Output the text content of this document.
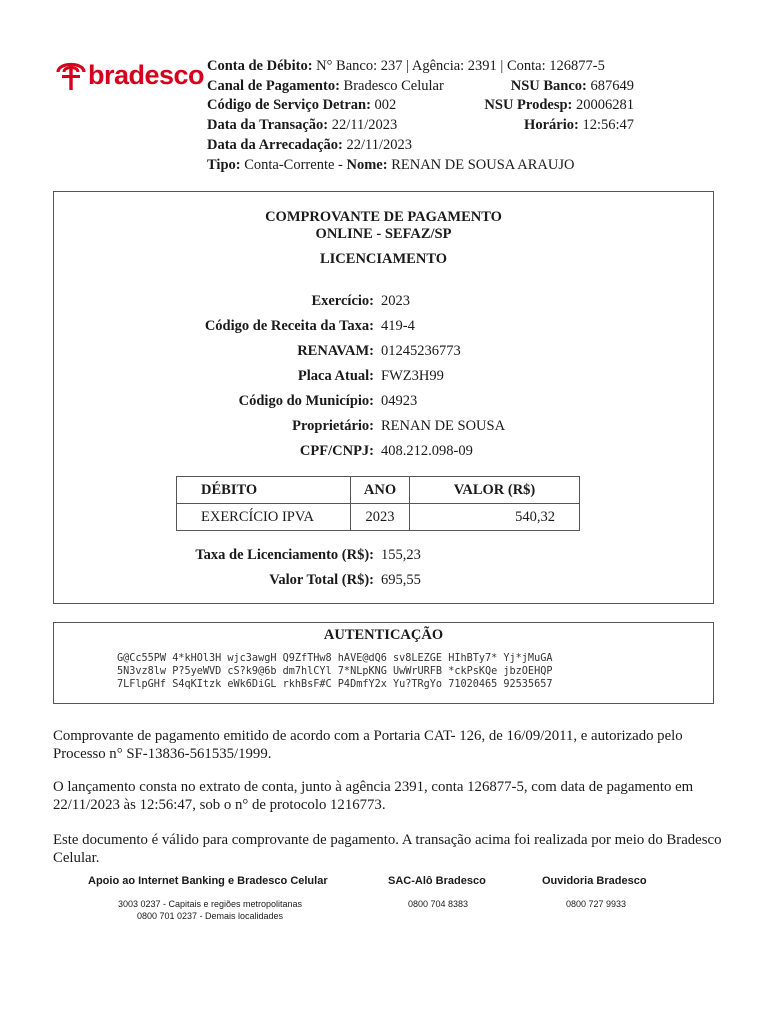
bradesco Conta de Débito: N° Banco: 237 | Agência: 2391 | Conta: 126877-5
Canal de Pagamento: Bradesco Celular	NSU Banco: 687649
Código de Serviço Detran: 002	NSU Prodesp: 20006281
Data da Transação: 22/11/2023	Horário: 12:56:47
Data da Arrecadação: 22/11/2023
Tipo: Conta-Corrente - Nome: RENAN DE SOUSA ARAUJO
COMPROVANTE DE PAGAMENTO
ONLINE - SEFAZ/SP
LICENCIAMENTO
Exercício: 2023
Código de Receita da Taxa: 419-4
RENAVAM: 01245236773
Placa Atual: FWZ3H99
Código do Município: 04923
Proprietário: RENAN DE SOUSA
CPF/CNPJ: 408.212.098-09
DÉBITO	ANO	VALOR (R$)
EXERCÍCIO IPVA	2023	540,32
Taxa de Licenciamento (R$): 155,23
Valor Total (R$): 695,55
AUTENTICAÇÃO
G@Cc55PW 4*kHOl3H wjc3awgH Q9ZfTHw8 hAVE@dQ6 sv8LEZGE HIhBTy7* Yj*jMuGA
5N3vz8lw P?5yeWVD cS?k9@6b dm7hlCYl 7*NLpKNG UwWrURFB *ckPsKQe jbzOEHQP
7LFlpGHf S4qKItzk eWk6DiGL rkhBsF#C P4DmfY2x Yu?TRgYo 71020465 92535657
Comprovante de pagamento emitido de acordo com a Portaria CAT- 126, de 16/09/2011, e autorizado pelo Processo n° SF-13836-561535/1999.
O lançamento consta no extrato de conta, junto à agência 2391, conta 126877-5, com data de pagamento em 22/11/2023 às 12:56:47, sob o n° de protocolo 1216773.
Este documento é válido para comprovante de pagamento. A transação acima foi realizada por meio do Bradesco Celular.
Apoio ao Internet Banking e Bradesco Celular
3003 0237 - Capitais e regiões metropolitanas
0800 701 0237 - Demais localidades
SAC-Alô Bradesco
0800 704 8383
Ouvidoria Bradesco
0800 727 9933
